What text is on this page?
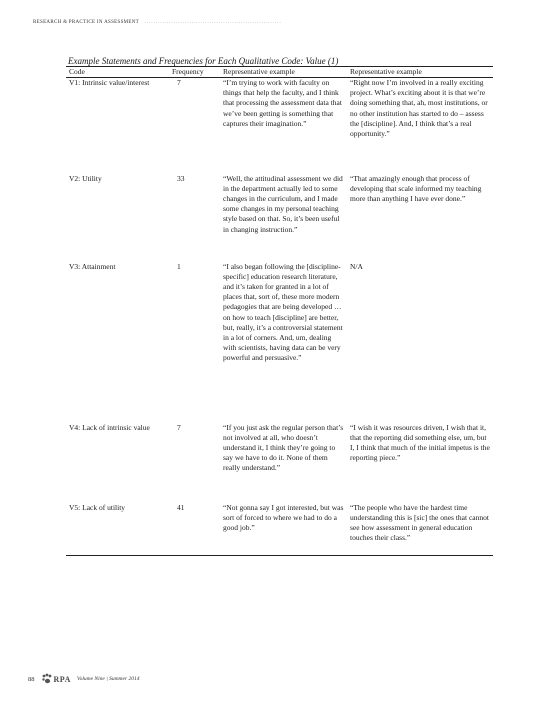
RESEARCH & PRACTICE IN ASSESSMENT .............................................................

Example Statements and Frequencies for Each Qualitative Code: Value (1)

Code	Frequency	Representative example	Representative example
V1: Intrinsic value/interest	7	“I’m trying to work with faculty on things that help the faculty, and I think that processing the assessment data that we’ve been getting is something that captures their imagination.”	“Right now I’m involved in a really exciting project. What’s exciting about it is that we’re doing something that, ah, most institutions, or no other institution has started to do – assess the [discipline]. And, I think that’s a real opportunity.”
V2: Utility	33	“Well, the attitudinal assessment we did in the department actually led to some changes in the curriculum, and I made some changes in my personal teaching style based on that. So, it’s been useful in changing instruction.”	“That amazingly enough that process of developing that scale informed my teaching more than anything I have ever done.”
V3: Attainment	1	“I also began following the [discipline-specific] education research literature, and it’s taken for granted in a lot of places that, sort of, these more modern pedagogies that are being developed …on how to teach [discipline] are better, but, really, it’s a controversial statement in a lot of corners. And, um, dealing with scientists, having data can be very powerful and persuasive.”	N/A
V4: Lack of intrinsic value	7	“If you just ask the regular person that’s not involved at all, who doesn’t understand it, I think they’re going to say we have to do it. None of them really understand.”	“I wish it was resources driven, I wish that it, that the reporting did something else, um, but I, I think that much of the initial impetus is the reporting piece.”
V5: Lack of utility	41	“Not gonna say I got interested, but was sort of forced to where we had to do a good job.”	“The people who have the hardest time understanding this is [sic] the ones that cannot see how assessment in general education touches their class.”
88 RPA Volume Nine | Summer 2014
